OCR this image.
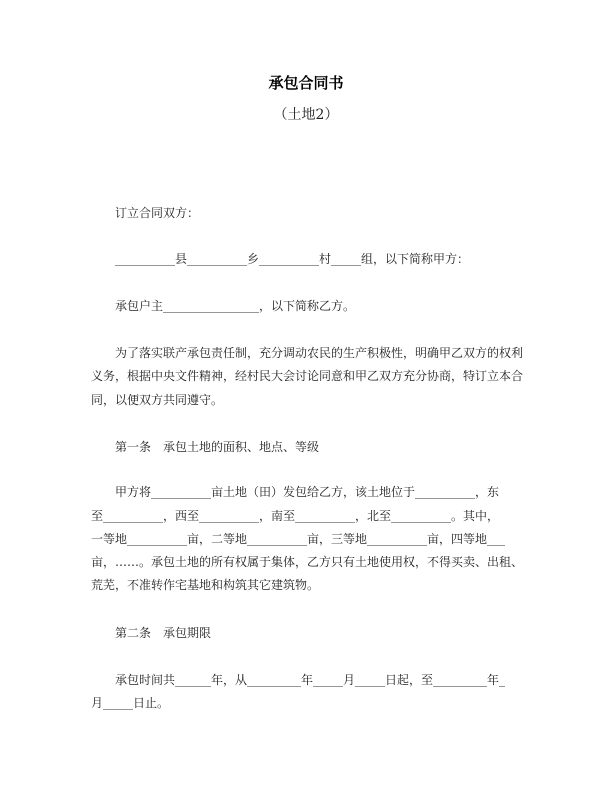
承包合同书
（土地2）
订立合同双方：
__________县__________乡__________村_____组，以下简称甲方：
承包户主________________，以下简称乙方。
为了落实联产承包责任制，充分调动农民的生产积极性，明确甲乙双方的权利
义务，根据中央文件精神，经村民大会讨论同意和甲乙双方充分协商，特订立本合
同，以便双方共同遵守。
第一条　承包土地的面积、地点、等级
甲方将__________亩土地（田）发包给乙方，该土地位于__________，东
至__________，西至__________，南至__________，北至__________。其中，
一等地__________亩，二等地__________亩，三等地__________亩，四等地___
亩，……。承包土地的所有权属于集体，乙方只有土地使用权，不得买卖、出租、
荒芜，不准转作宅基地和构筑其它建筑物。
第二条　承包期限
承包时间共______年，从_________年_____月_____日起，至_________年_
月_____日止。
